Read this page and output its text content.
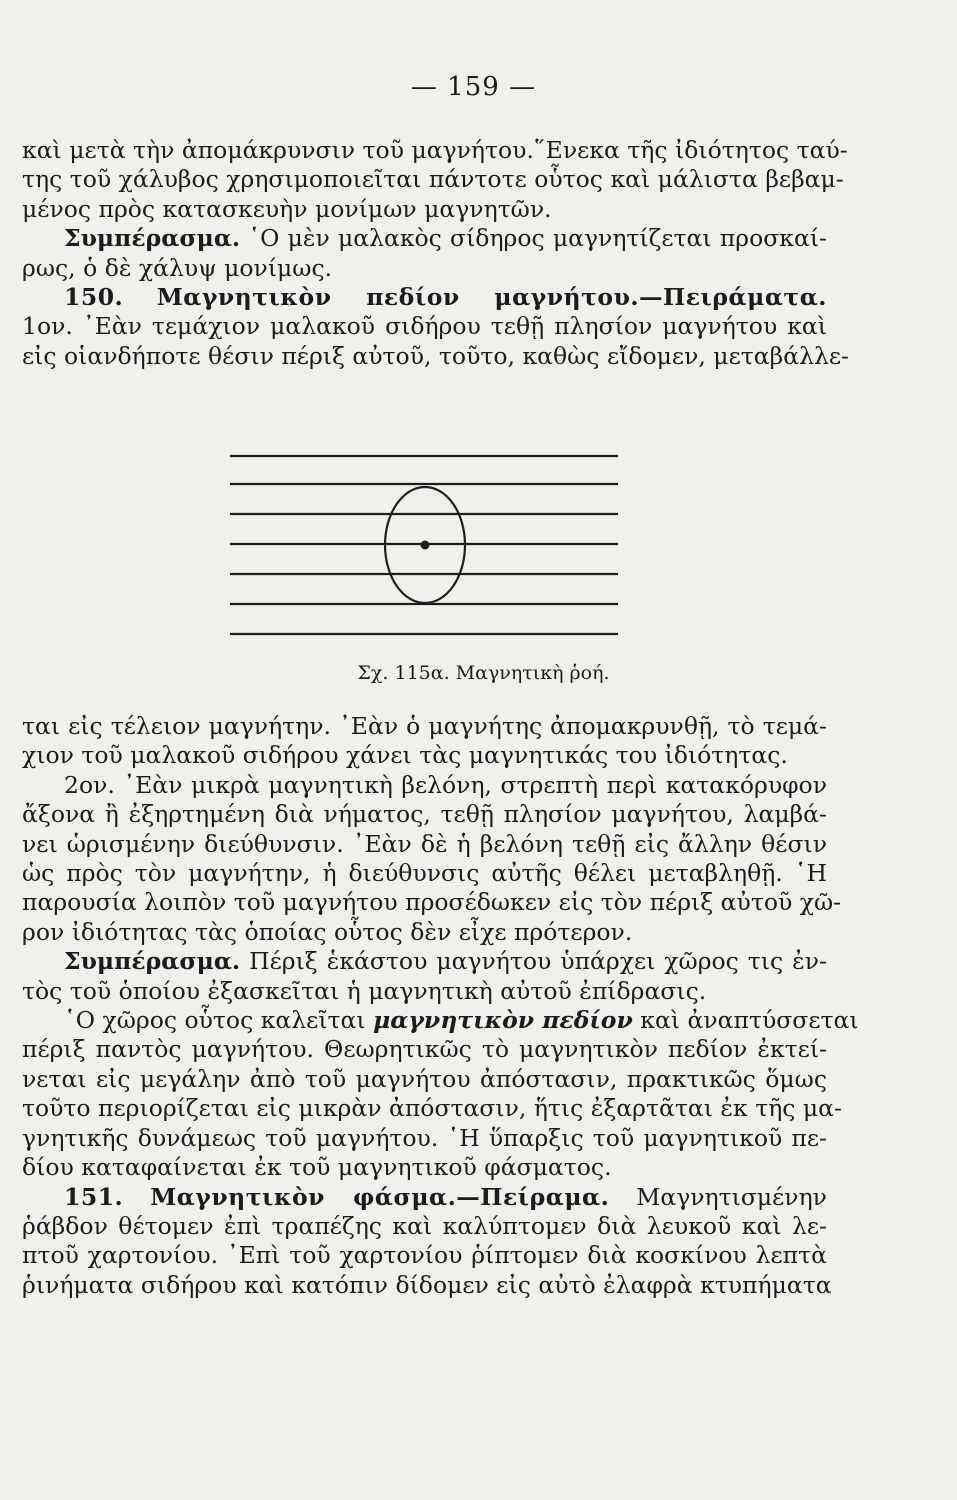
— 159 —
καὶ μετὰ τὴν ἀπομάκρυνσιν τοῦ μαγνήτου.῞Ενεκα τῆς ἰδιότητος ταύ-
της τοῦ χάλυβος χρησιμοποιεῖται πάντοτε οὗτος καὶ μάλιστα βεβαμ-
μένος πρὸς κατασκευὴν μονίμων μαγνητῶν.
Συμπέρασμα. ῾Ο μὲν μαλακὸς σίδηρος μαγνητίζεται προσκαί-
ρως, ὁ δὲ χάλυψ μονίμως.
150. Μαγνητικὸν πεδίον μαγνήτου.—Πειράματα.
1ον. ᾿Εὰν τεμάχιον μαλακοῦ σιδήρου τεθῇ πλησίον μαγνήτου καὶ
εἰς οἱανδήποτε θέσιν πέριξ αὐτοῦ, τοῦτο, καθὼς εἴδομεν, μεταβάλλε-
Σχ. 115α. Μαγνητικὴ ῥοή.
ται εἰς τέλειον μαγνήτην. ᾿Εὰν ὁ μαγνήτης ἀπομακρυνθῇ, τὸ τεμά-
χιον τοῦ μαλακοῦ σιδήρου χάνει τὰς μαγνητικάς του ἰδιότητας.
2ον. ᾿Εὰν μικρὰ μαγνητικὴ βελόνη, στρεπτὴ περὶ κατακόρυφον
ἄξονα ἢ ἐξηρτημένη διὰ νήματος, τεθῇ πλησίον μαγνήτου, λαμβά-
νει ὡρισμένην διεύθυνσιν. ᾿Εὰν δὲ ἡ βελόνη τεθῇ εἰς ἄλλην θέσιν
ὡς πρὸς τὸν μαγνήτην, ἡ διεύθυνσις αὐτῆς θέλει μεταβληθῇ. ῾Η
παρουσία λοιπὸν τοῦ μαγνήτου προσέδωκεν εἰς τὸν πέριξ αὐτοῦ χῶ-
ρον ἰδιότητας τὰς ὁποίας οὗτος δὲν εἶχε πρότερον.
Συμπέρασμα. Πέριξ ἑκάστου μαγνήτου ὑπάρχει χῶρος τις ἐν-
τὸς τοῦ ὁποίου ἐξασκεῖται ἡ μαγνητικὴ αὐτοῦ ἐπίδρασις.
῾Ο χῶρος οὗτος καλεῖται μαγνητικὸν πεδίον καὶ ἀναπτύσσεται
πέριξ παντὸς μαγνήτου. Θεωρητικῶς τὸ μαγνητικὸν πεδίον ἐκτεί-
νεται εἰς μεγάλην ἀπὸ τοῦ μαγνήτου ἀπόστασιν, πρακτικῶς ὅμως
τοῦτο περιορίζεται εἰς μικρὰν ἀπόστασιν, ἥτις ἐξαρτᾶται ἐκ τῆς μα-
γνητικῆς δυνάμεως τοῦ μαγνήτου. ῾Η ὕπαρξις τοῦ μαγνητικοῦ πε-
δίου καταφαίνεται ἐκ τοῦ μαγνητικοῦ φάσματος.
151. Μαγνητικὸν φάσμα.—Πείραμα. Μαγνητισμένην
ῥάβδον θέτομεν ἐπὶ τραπέζης καὶ καλύπτομεν διὰ λευκοῦ καὶ λε-
πτοῦ χαρτονίου. ᾿Επὶ τοῦ χαρτονίου ῥίπτομεν διὰ κοσκίνου λεπτὰ
ῥινήματα σιδήρου καὶ κατόπιν δίδομεν εἰς αὐτὸ ἐλαφρὰ κτυπήματα
